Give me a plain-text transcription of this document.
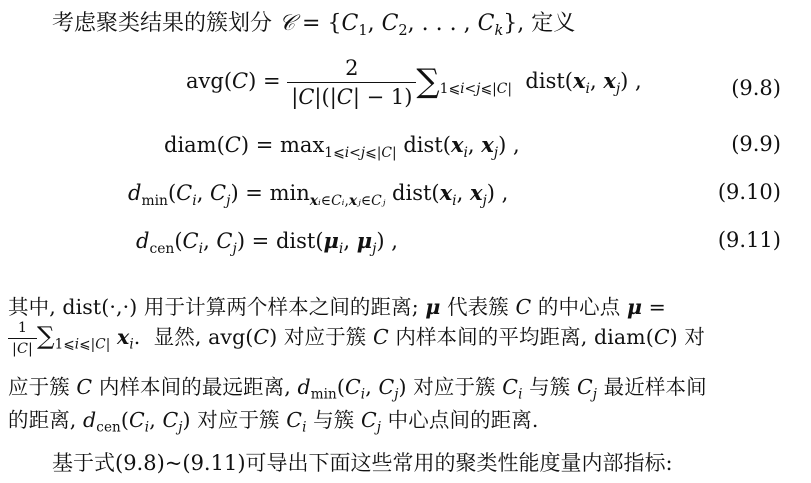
考虑聚类结果的簇划分 𝒞 = {$C_1$, $C_2$, . . . , $C_k$}, 定义
$avg(C) = \frac{2}{|C|(|C| - 1)} \sum_{1⩽i<j⩽|C|}$  $dist(x_i$, $x_j$) ,	(9.8)
diam(C) = $\max_{1⩽i<j⩽|C|}$ $dist(x_i$, $x_j$) ,	(9.9)
$d_{min}(C_i$, $C_j) = \min_{xᵢ\in Cᵢ,xⱼ\in Cⱼ}$ $dist(x_i$, $x_j$) ,	(9.10)
$d_{cen}(C_i$, $C_j$) = $dist(\mu_i$, $\mu_j$) ,	(9.11)
其中, dist(·,·) 用于计算两个样本之间的距离; μ 代表簇 C 的中心点 μ =
$\frac{1}{|C|} \sum_{1⩽i⩽|C|}$ $x_i$.  显然, avg(C) 对应于簇 C 内样本间的平均距离, diam(C) 对
应于簇 C 内样本间的最远距离, $d_{min}(C_i$, $C_j$) 对应于簇 $C_i$ 与簇 $C_j$ 最近样本间
的距离, $d_{cen}(C_i$, $C_j$) 对应于簇 $C_i$ 与簇 $C_j$ 中心点间的距离.
基于式(9.8)~(9.11)可导出下面这些常用的聚类性能度量内部指标:
